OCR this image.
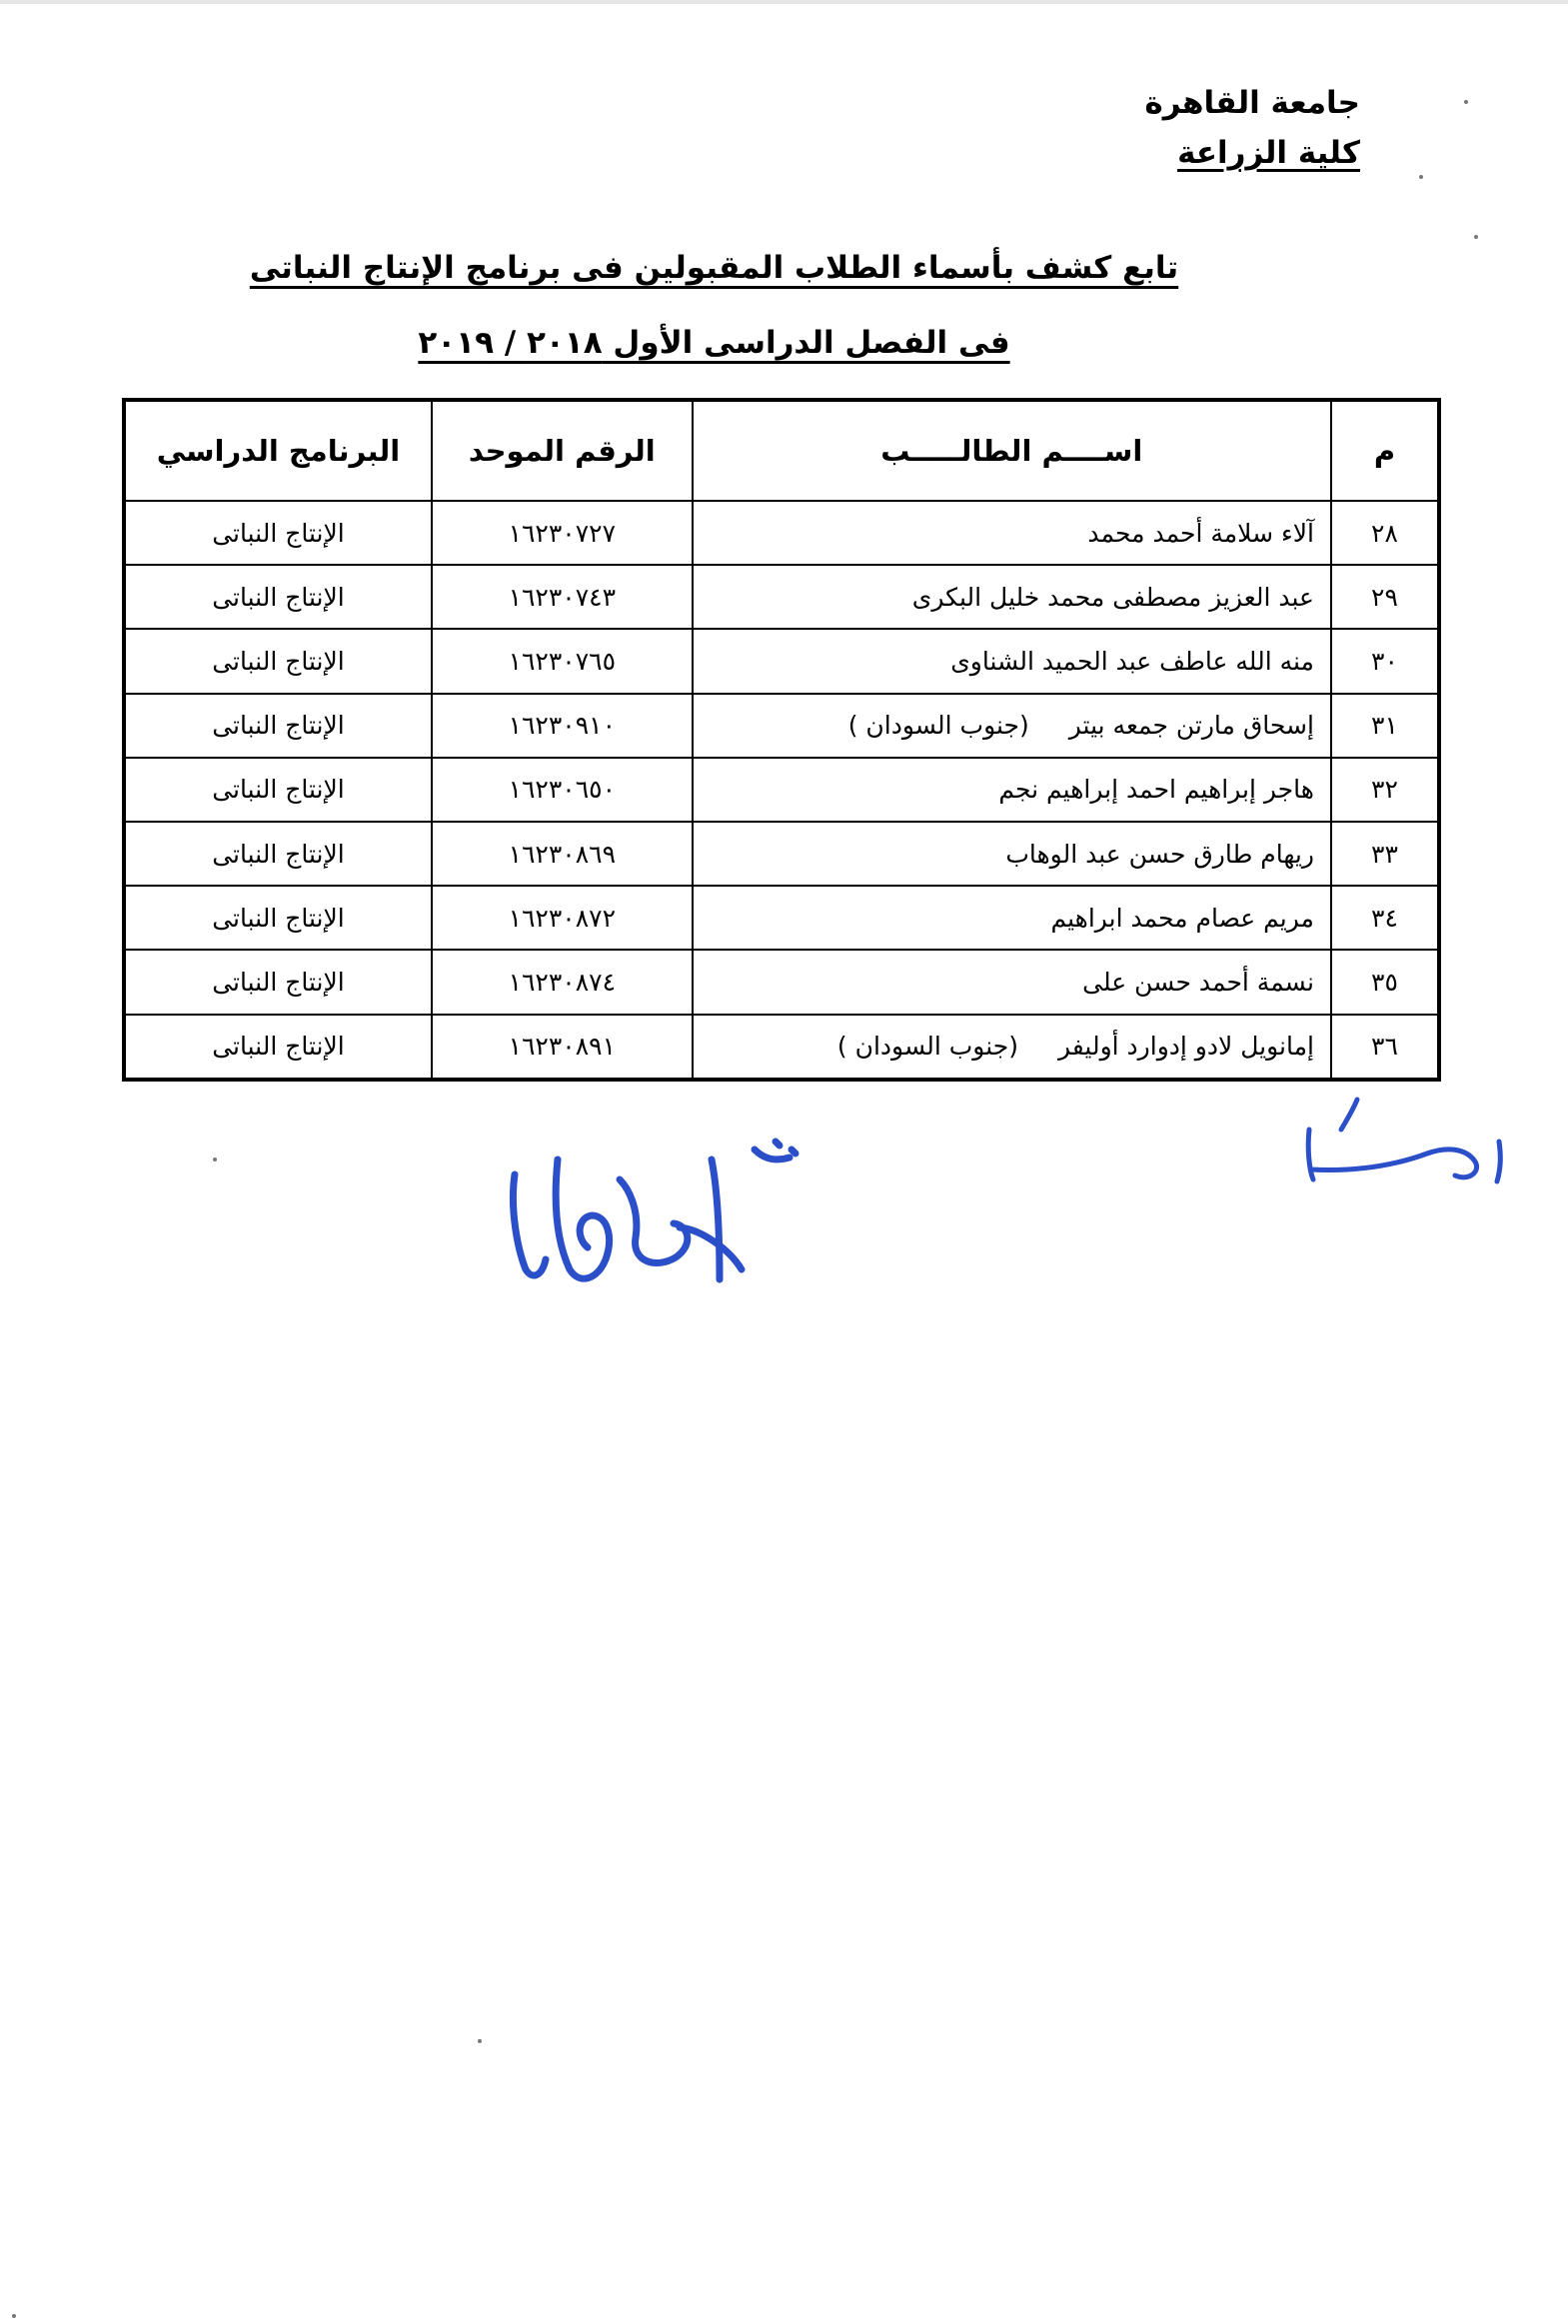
جامعة القاهرة
كلية الزراعة
تابع كشف بأسماء الطلاب المقبولين فى برنامج الإنتاج النباتى
فى الفصل الدراسى الأول ٢٠١٨ / ٢٠١٩
م	اســــم الطالـــــب	الرقم الموحد	البرنامج الدراسي
٢٨	آلاء سلامة أحمد محمد	١٦٢٣٠٧٢٧	الإنتاج النباتى
٢٩	عبد العزيز مصطفى محمد خليل البكرى	١٦٢٣٠٧٤٣	الإنتاج النباتى
٣٠	منه الله عاطف عبد الحميد الشناوى	١٦٢٣٠٧٦٥	الإنتاج النباتى
٣١	إسحاق مارتن جمعه بيتر(جنوب السودان )	١٦٢٣٠٩١٠	الإنتاج النباتى
٣٢	هاجر إبراهيم احمد إبراهيم نجم	١٦٢٣٠٦٥٠	الإنتاج النباتى
٣٣	ريهام طارق حسن عبد الوهاب	١٦٢٣٠٨٦٩	الإنتاج النباتى
٣٤	مريم عصام محمد ابراهيم	١٦٢٣٠٨٧٢	الإنتاج النباتى
٣٥	نسمة أحمد حسن على	١٦٢٣٠٨٧٤	الإنتاج النباتى
٣٦	إمانويل لادو إدوارد أوليفر(جنوب السودان )	١٦٢٣٠٨٩١	الإنتاج النباتى
